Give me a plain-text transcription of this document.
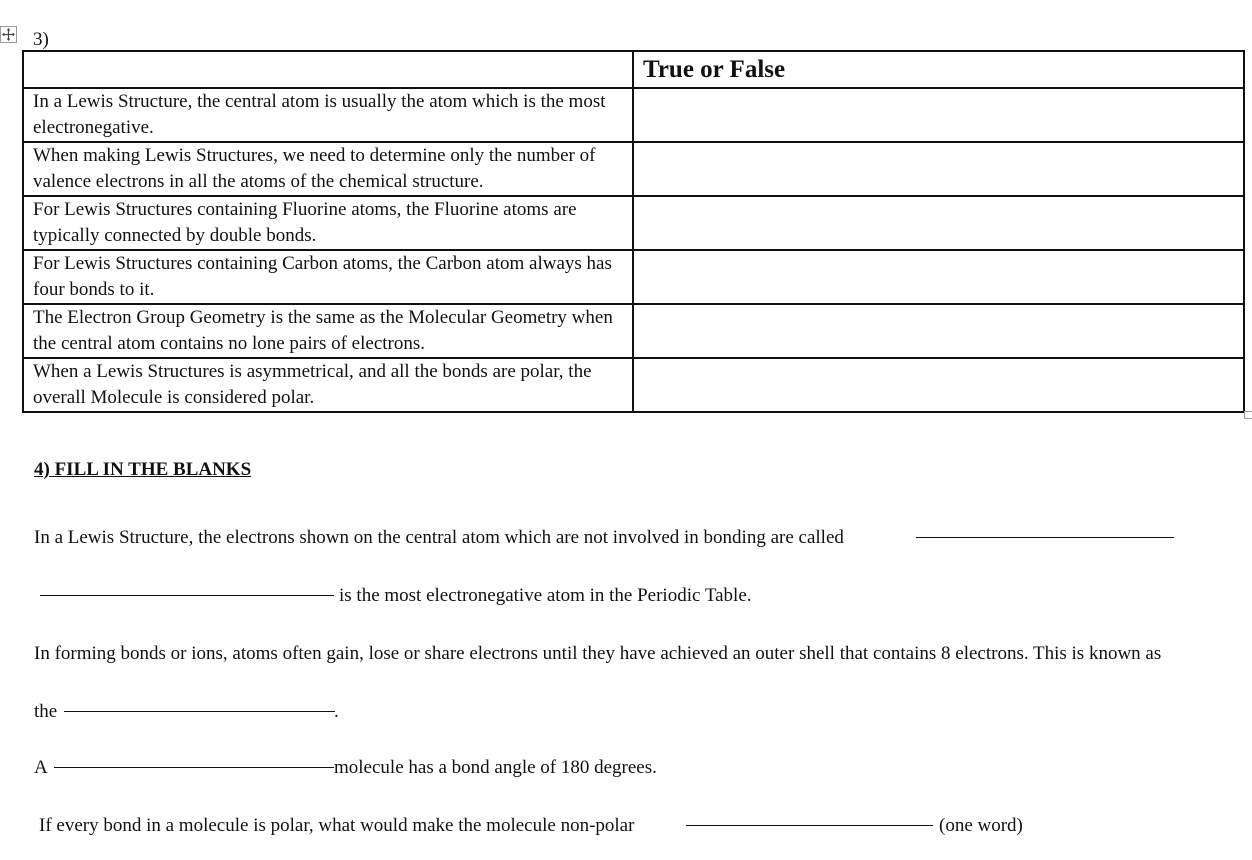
3)
	True or False
In a Lewis Structure, the central atom is usually the atom which is the most electronegative.	
When making Lewis Structures, we need to determine only the number of valence electrons in all the atoms of the chemical structure.	
For Lewis Structures containing Fluorine atoms, the Fluorine atoms are typically connected by double bonds.	
For Lewis Structures containing Carbon atoms, the Carbon atom always has four bonds to it.	
The Electron Group Geometry is the same as the Molecular Geometry when the central atom contains no lone pairs of electrons.	
When a Lewis Structures is asymmetrical, and all the bonds are polar, the overall Molecule is considered polar.	
4) FILL IN THE BLANKS
In a Lewis Structure, the electrons shown on the central atom which are not involved in bonding are called
is the most electronegative atom in the Periodic Table.
In forming bonds or ions, atoms often gain, lose or share electrons until they have achieved an outer shell that contains 8 electrons. This is known as
the	.
A	molecule has a bond angle of 180 degrees.
If every bond in a molecule is polar, what would make the molecule non-polar	(one word)
